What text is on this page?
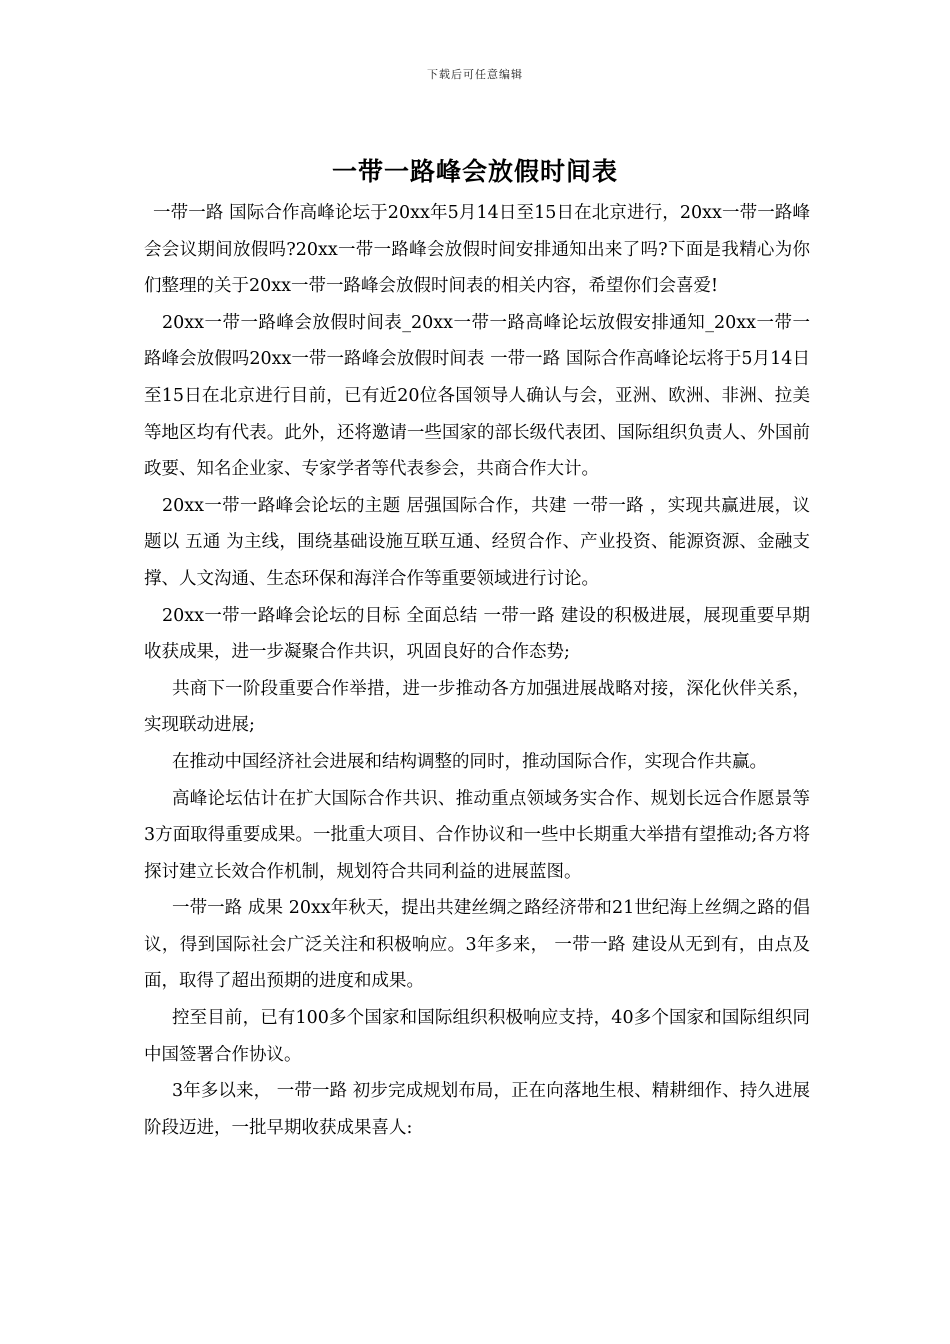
下载后可任意编辑
一带一路峰会放假时间表

一带一路 国际合作高峰论坛于20xx年5月14日至15日在北京进行，20xx一带一路峰会会议期间放假吗?20xx一带一路峰会放假时间安排通知出来了吗?下面是我精心为你们整理的关于20xx一带一路峰会放假时间表的相关内容，希望你们会喜爱!

20xx一带一路峰会放假时间表_20xx一带一路高峰论坛放假安排通知_20xx一带一路峰会放假吗20xx一带一路峰会放假时间表 一带一路 国际合作高峰论坛将于5月14日至15日在北京进行目前，已有近20位各国领导人确认与会，亚洲、欧洲、非洲、拉美等地区均有代表。此外，还将邀请一些国家的部长级代表团、国际组织负责人、外国前政要、知名企业家、专家学者等代表参会，共商合作大计。

20xx一带一路峰会论坛的主题 居强国际合作，共建 一带一路 ，实现共赢进展，议题以 五通 为主线，围绕基础设施互联互通、经贸合作、产业投资、能源资源、金融支撑、人文沟通、生态环保和海洋合作等重要领域进行讨论。

20xx一带一路峰会论坛的目标 全面总结 一带一路 建设的积极进展，展现重要早期收获成果，进一步凝聚合作共识，巩固良好的合作态势;

共商下一阶段重要合作举措，进一步推动各方加强进展战略对接，深化伙伴关系，实现联动进展;

在推动中国经济社会进展和结构调整的同时，推动国际合作，实现合作共赢。

高峰论坛估计在扩大国际合作共识、推动重点领域务实合作、规划长远合作愿景等3方面取得重要成果。一批重大项目、合作协议和一些中长期重大举措有望推动;各方将探讨建立长效合作机制，规划符合共同利益的进展蓝图。

一带一路 成果 20xx年秋天，提出共建丝绸之路经济带和21世纪海上丝绸之路的倡议，得到国际社会广泛关注和积极响应。3年多来， 一带一路 建设从无到有，由点及面，取得了超出预期的进度和成果。

控至目前，已有100多个国家和国际组织积极响应支持，40多个国家和国际组织同中国签署合作协议。

3年多以来， 一带一路 初步完成规划布局，正在向落地生根、精耕细作、持久进展阶段迈进，一批早期收获成果喜人:
